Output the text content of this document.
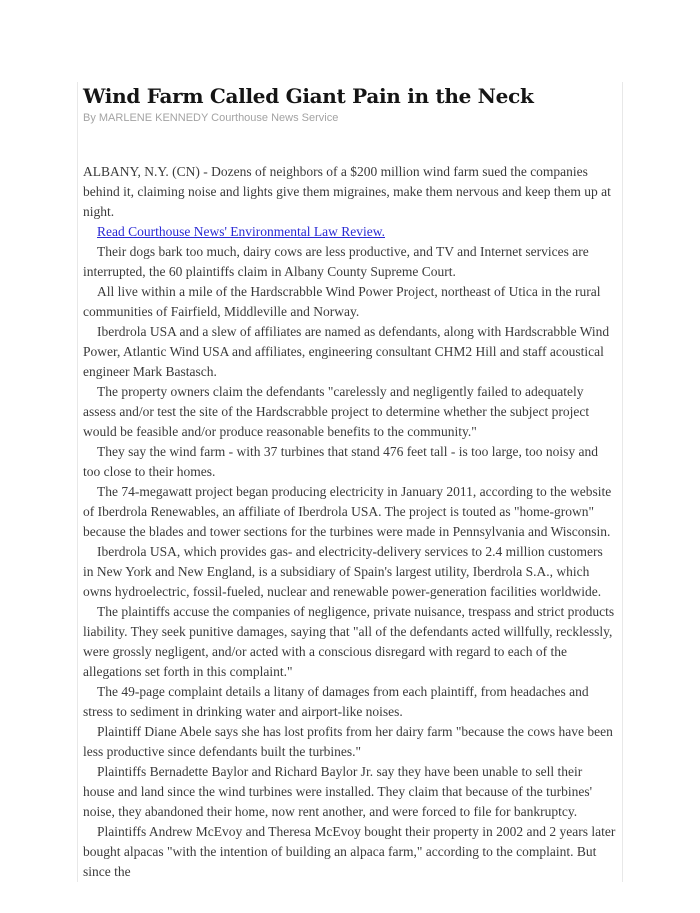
Wind Farm Called Giant Pain in the Neck
By MARLENE KENNEDY Courthouse News Service

ALBANY, N.Y. (CN) - Dozens of neighbors of a $200 million wind farm sued the companies behind it, claiming noise and lights give them migraines, make them nervous and keep them up at night.

Read Courthouse News' Environmental Law Review.

Their dogs bark too much, dairy cows are less productive, and TV and Internet services are interrupted, the 60 plaintiffs claim in Albany County Supreme Court.

All live within a mile of the Hardscrabble Wind Power Project, northeast of Utica in the rural communities of Fairfield, Middleville and Norway.

Iberdrola USA and a slew of affiliates are named as defendants, along with Hardscrabble Wind Power, Atlantic Wind USA and affiliates, engineering consultant CHM2 Hill and staff acoustical engineer Mark Bastasch.

The property owners claim the defendants "carelessly and negligently failed to adequately assess and/or test the site of the Hardscrabble project to determine whether the subject project would be feasible and/or produce reasonable benefits to the community."

They say the wind farm - with 37 turbines that stand 476 feet tall - is too large, too noisy and too close to their homes.

The 74-megawatt project began producing electricity in January 2011, according to the website of Iberdrola Renewables, an affiliate of Iberdrola USA. The project is touted as "home-grown" because the blades and tower sections for the turbines were made in Pennsylvania and Wisconsin.

Iberdrola USA, which provides gas- and electricity-delivery services to 2.4 million customers in New York and New England, is a subsidiary of Spain's largest utility, Iberdrola S.A., which owns hydroelectric, fossil-fueled, nuclear and renewable power-generation facilities worldwide.

The plaintiffs accuse the companies of negligence, private nuisance, trespass and strict products liability. They seek punitive damages, saying that "all of the defendants acted willfully, recklessly, were grossly negligent, and/or acted with a conscious disregard with regard to each of the allegations set forth in this complaint."

The 49-page complaint details a litany of damages from each plaintiff, from headaches and stress to sediment in drinking water and airport-like noises.

Plaintiff Diane Abele says she has lost profits from her dairy farm "because the cows have been less productive since defendants built the turbines."

Plaintiffs Bernadette Baylor and Richard Baylor Jr. say they have been unable to sell their house and land since the wind turbines were installed. They claim that because of the turbines' noise, they abandoned their home, now rent another, and were forced to file for bankruptcy.

Plaintiffs Andrew McEvoy and Theresa McEvoy bought their property in 2002 and 2 years later bought alpacas "with the intention of building an alpaca farm," according to the complaint. But since the
